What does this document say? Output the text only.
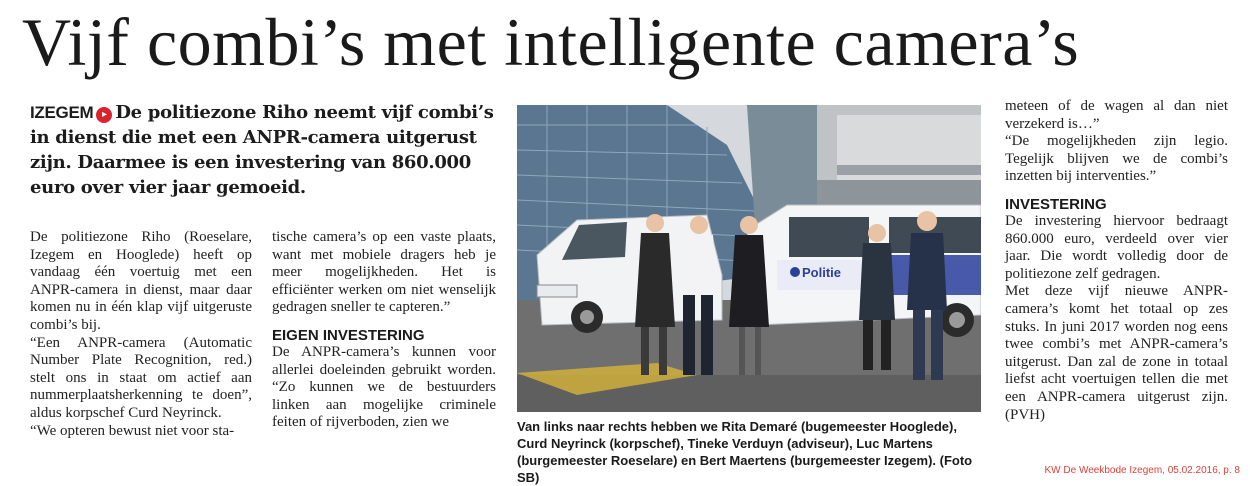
Vijf combi’s met intelligente camera’s
IZEGEM ▸ De politiezone Riho neemt vijf combi’s in dienst die met een ANPR-camera uitgerust zijn. Daarmee is een investering van 860.000 euro over vier jaar gemoeid.

De politiezone Riho (Roeselare, Izegem en Hooglede) heeft op vandaag één voertuig met een ANPR-camera in dienst, maar daar komen nu in één klap vijf uitgeruste combi’s bij.

“Een ANPR-camera (Automatic Number Plate Recognition, red.) stelt ons in staat om actief aan nummerplaatsherkenning te doen”, aldus korpschef Curd Neyrinck.

“We opteren bewust niet voor sta-

tische camera’s op een vaste plaats, want met mobiele dragers heb je meer mogelijkheden. Het is efficiënter werken om niet wenselijk gedragen sneller te capteren.”

EIGEN INVESTERING

De ANPR-camera’s kunnen voor allerlei doeleinden gebruikt worden. “Zo kunnen we de bestuurders linken aan mogelijke criminele feiten of rijverboden, zien we

Politie
Van links naar rechts hebben we Rita Demaré (bugemeester Hooglede), Curd Neyrinck (korpschef), Tineke Verduyn (adviseur), Luc Martens (burgemeester Roeselare) en Bert Maertens (burgemeester Izegem). (Foto SB)

meteen of de wagen al dan niet verzekerd is…”

“De mogelijkheden zijn legio. Tegelijk blijven we de combi’s inzetten bij interventies.”

INVESTERING

De investering hiervoor bedraagt 860.000 euro, verdeeld over vier jaar. Die wordt volledig door de politiezone zelf gedragen.

Met deze vijf nieuwe ANPR-camera’s komt het totaal op zes stuks. In juni 2017 worden nog eens twee combi’s met ANPR-camera’s uitgerust. Dan zal de zone in totaal liefst acht voertuigen tellen die met een ANPR-camera uitgerust zijn. (PVH)

KW De Weekbode Izegem, 05.02.2016, p. 8
